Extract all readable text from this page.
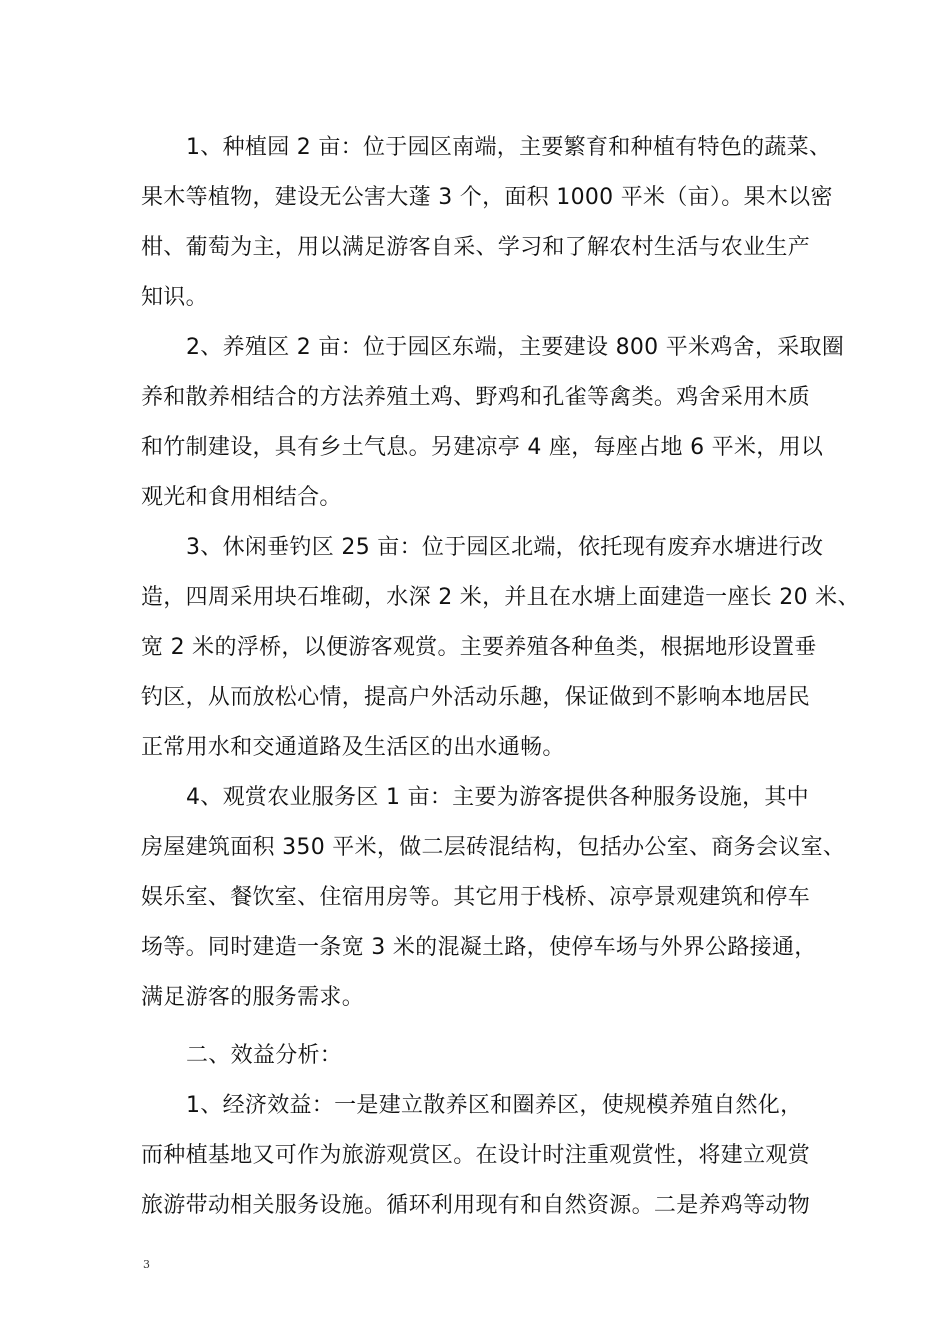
1、种植园 2 亩：位于园区南端，主要繁育和种植有特色的蔬菜、
果木等植物，建设无公害大蓬 3 个，面积 1000 平米（亩）。果木以密
柑、葡萄为主，用以满足游客自采、学习和了解农村生活与农业生产
知识。
2、养殖区 2 亩：位于园区东端，主要建设 800 平米鸡舍，采取圈
养和散养相结合的方法养殖土鸡、野鸡和孔雀等禽类。鸡舍采用木质
和竹制建设，具有乡土气息。另建凉亭 4 座，每座占地 6 平米，用以
观光和食用相结合。
3、休闲垂钓区 25 亩：位于园区北端，依托现有废弃水塘进行改
造，四周采用块石堆砌，水深 2 米，并且在水塘上面建造一座长 20 米、
宽 2 米的浮桥，以便游客观赏。主要养殖各种鱼类，根据地形设置垂
钓区，从而放松心情，提高户外活动乐趣，保证做到不影响本地居民
正常用水和交通道路及生活区的出水通畅。
4、观赏农业服务区 1 亩：主要为游客提供各种服务设施，其中
房屋建筑面积 350 平米，做二层砖混结构，包括办公室、商务会议室、
娱乐室、餐饮室、住宿用房等。其它用于栈桥、凉亭景观建筑和停车
场等。同时建造一条宽 3 米的混凝土路，使停车场与外界公路接通，
满足游客的服务需求。
二、效益分析：
1、经济效益：一是建立散养区和圈养区，使规模养殖自然化，
而种植基地又可作为旅游观赏区。在设计时注重观赏性，将建立观赏
旅游带动相关服务设施。循环利用现有和自然资源。二是养鸡等动物
3
